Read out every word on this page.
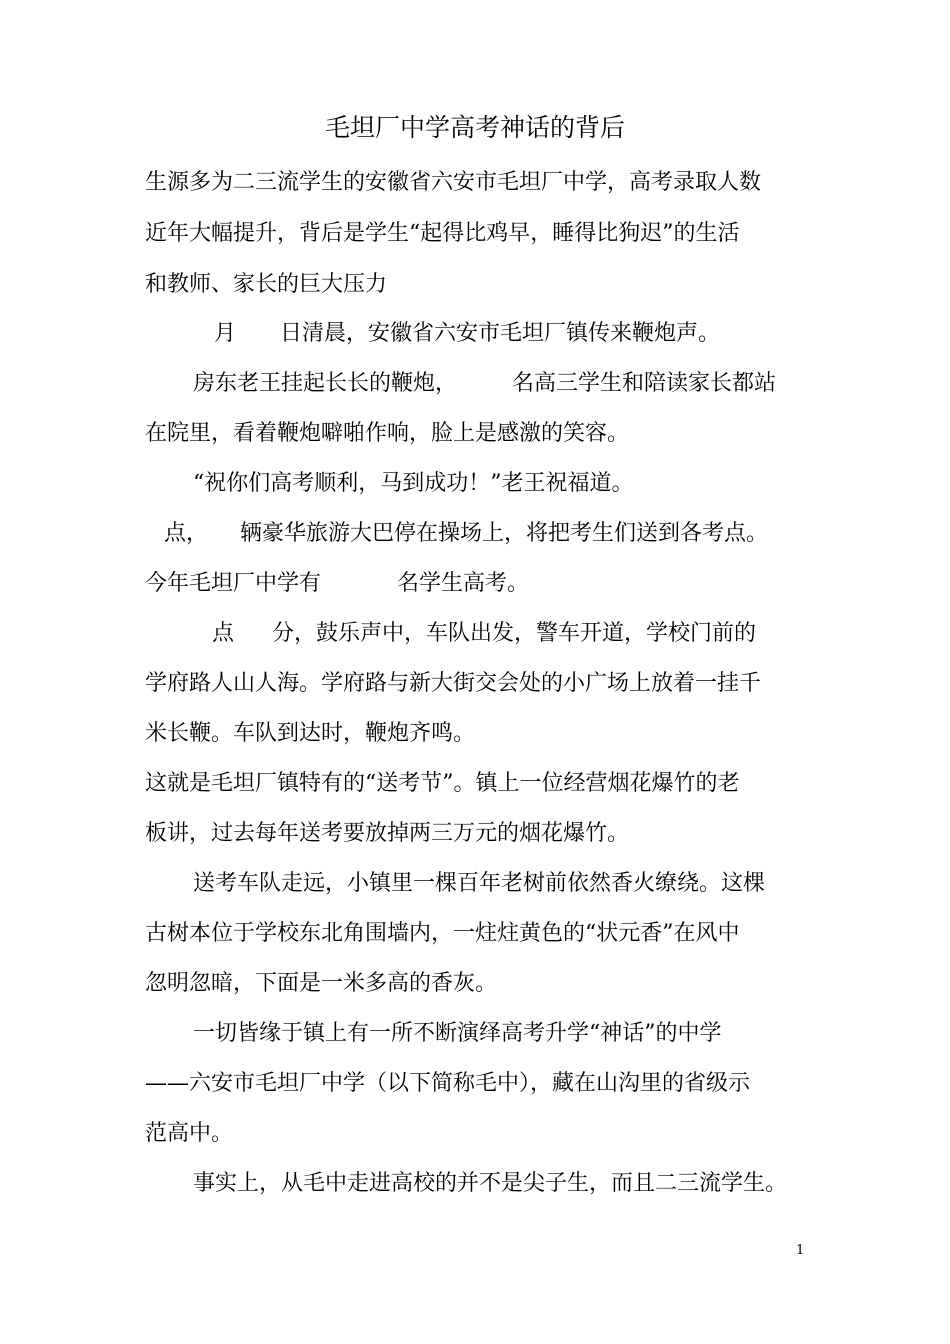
毛坦厂中学高考神话的背后
生源多为二三流学生的安徽省六安市毛坦厂中学，高考录取人数
近年大幅提升，背后是学生“起得比鸡早，睡得比狗迟”的生活
和教师、家长的巨大压力
月 日清晨，安徽省六安市毛坦厂镇传来鞭炮声。
房东老王挂起长长的鞭炮， 名高三学生和陪读家长都站
在院里，看着鞭炮噼啪作响，脸上是感激的笑容。
“祝你们高考顺利，马到成功！”老王祝福道。
点， 辆豪华旅游大巴停在操场上，将把考生们送到各考点。
今年毛坦厂中学有	名学生高考。
点 分，鼓乐声中，车队出发，警车开道，学校门前的
学府路人山人海。学府路与新大街交会处的小广场上放着一挂千
米长鞭。车队到达时，鞭炮齐鸣。
这就是毛坦厂镇特有的“送考节”。镇上一位经营烟花爆竹的老
板讲，过去每年送考要放掉两三万元的烟花爆竹。
送考车队走远，小镇里一棵百年老树前依然香火缭绕。这棵
古树本位于学校东北角围墙内，一炷炷黄色的“状元香”在风中
忽明忽暗，下面是一米多高的香灰。
一切皆缘于镇上有一所不断演绎高考升学“神话”的中学
——六安市毛坦厂中学（以下简称毛中），藏在山沟里的省级示
范高中。
事实上，从毛中走进高校的并不是尖子生，而且二三流学生。
1
